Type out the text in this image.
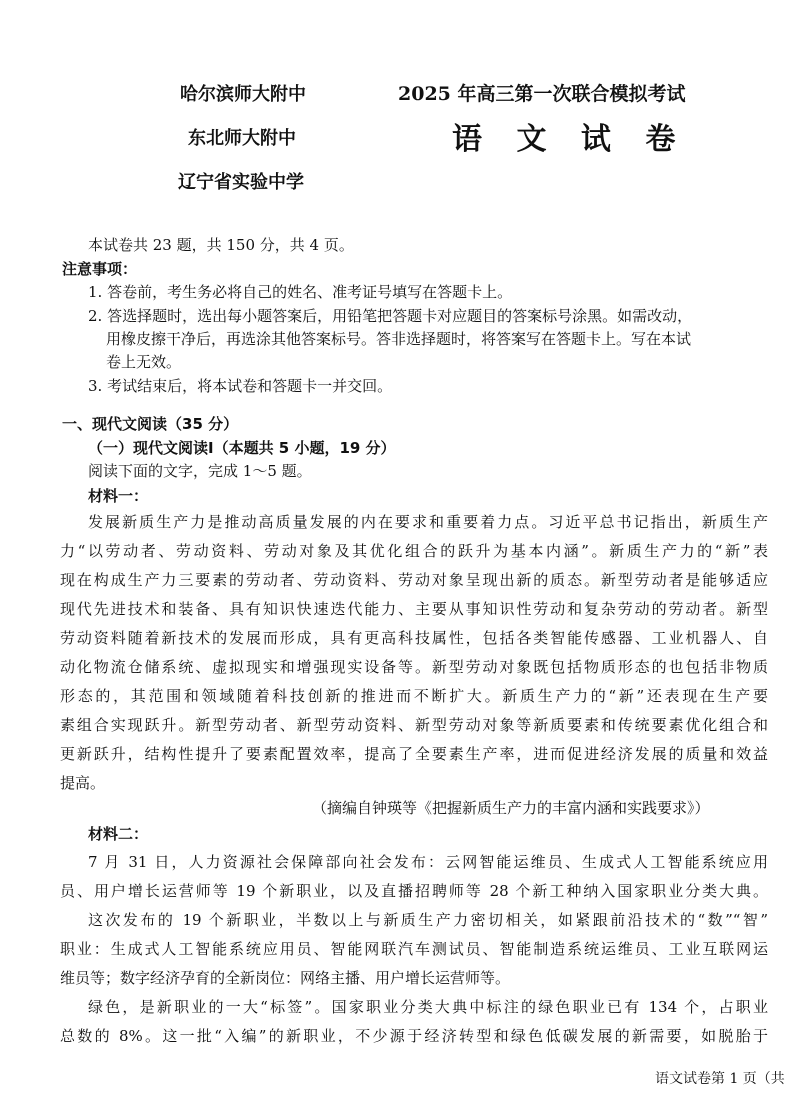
哈尔滨师大附中	2025 年高三第一次联合模拟考试
东北师大附中	语 文 试 卷
辽宁省实验中学
本试卷共 23 题，共 150 分，共 4 页。
注意事项：
1. 答卷前，考生务必将自己的姓名、准考证号填写在答题卡上。
2. 答选择题时，选出每小题答案后，用铅笔把答题卡对应题目的答案标号涂黑。如需改动，
用橡皮擦干净后，再选涂其他答案标号。答非选择题时，将答案写在答题卡上。写在本试
卷上无效。
3. 考试结束后，将本试卷和答题卡一并交回。
一、现代文阅读（35 分）
（一）现代文阅读Ⅰ（本题共 5 小题，19 分）
阅读下面的文字，完成 1～5 题。
材料一：
发展新质生产力是推动高质量发展的内在要求和重要着力点。习近平总书记指出，新质生产
力“以劳动者、劳动资料、劳动对象及其优化组合的跃升为基本内涵”。新质生产力的“新”表
现在构成生产力三要素的劳动者、劳动资料、劳动对象呈现出新的质态。新型劳动者是能够适应
现代先进技术和装备、具有知识快速迭代能力、主要从事知识性劳动和复杂劳动的劳动者。新型
劳动资料随着新技术的发展而形成，具有更高科技属性，包括各类智能传感器、工业机器人、自
动化物流仓储系统、虚拟现实和增强现实设备等。新型劳动对象既包括物质形态的也包括非物质
形态的，其范围和领域随着科技创新的推进而不断扩大。新质生产力的“新”还表现在生产要
素组合实现跃升。新型劳动者、新型劳动资料、新型劳动对象等新质要素和传统要素优化组合和
更新跃升，结构性提升了要素配置效率，提高了全要素生产率，进而促进经济发展的质量和效益
提高。
（摘编自钟瑛等《把握新质生产力的丰富内涵和实践要求》）
材料二：
7 月 31 日，人力资源社会保障部向社会发布：云网智能运维员、生成式人工智能系统应用
员、用户增长运营师等 19 个新职业，以及直播招聘师等 28 个新工种纳入国家职业分类大典。
这次发布的 19 个新职业，半数以上与新质生产力密切相关，如紧跟前沿技术的“数”“智”
职业：生成式人工智能系统应用员、智能网联汽车测试员、智能制造系统运维员、工业互联网运
维员等；数字经济孕育的全新岗位：网络主播、用户增长运营师等。
绿色，是新职业的一大“标签”。国家职业分类大典中标注的绿色职业已有 134 个，占职业
总数的 8%。这一批“入编”的新职业，不少源于经济转型和绿色低碳发展的新需要，如脱胎于
语文试卷第 1 页（共
